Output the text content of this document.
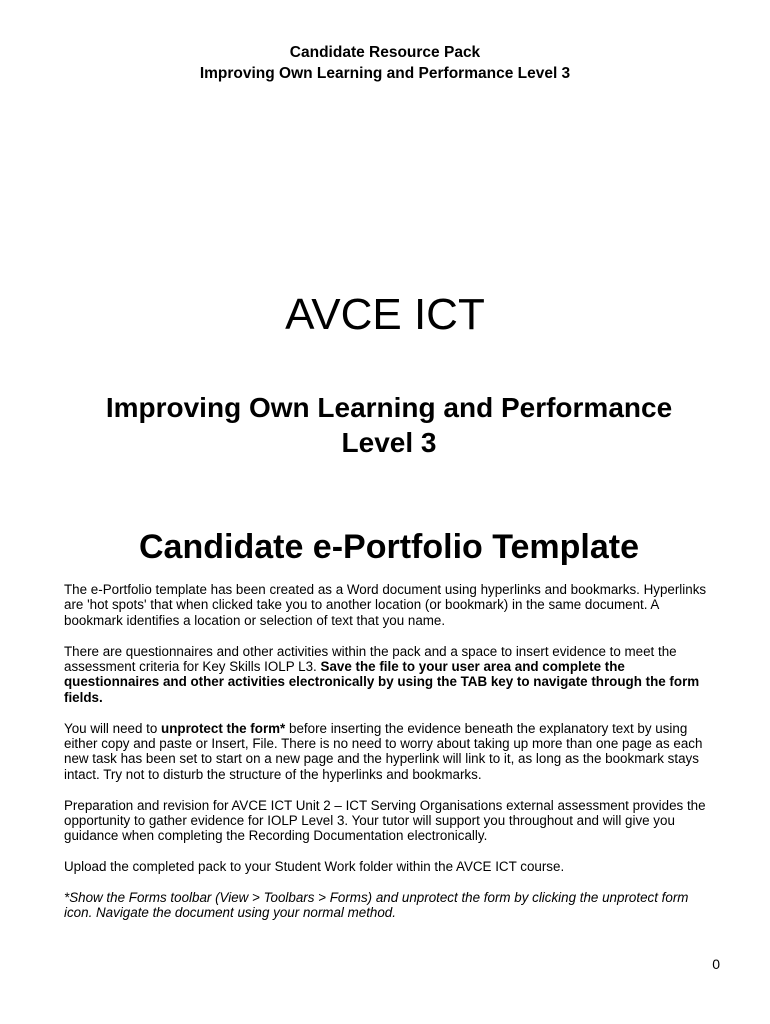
Candidate Resource Pack
Improving Own Learning and Performance Level 3
AVCE ICT
Improving Own Learning and Performance
Level 3
Candidate e-Portfolio Template

The e-Portfolio template has been created as a Word document using hyperlinks and bookmarks. Hyperlinks are 'hot spots' that when clicked take you to another location (or bookmark) in the same document. A bookmark identifies a location or selection of text that you name.

There are questionnaires and other activities within the pack and a space to insert evidence to meet the assessment criteria for Key Skills IOLP L3. Save the file to your user area and complete the questionnaires and other activities electronically by using the TAB key to navigate through the form fields.

You will need to unprotect the form* before inserting the evidence beneath the explanatory text by using either copy and paste or Insert, File. There is no need to worry about taking up more than one page as each new task has been set to start on a new page and the hyperlink will link to it, as long as the bookmark stays intact. Try not to disturb the structure of the hyperlinks and bookmarks.

Preparation and revision for AVCE ICT Unit 2 – ICT Serving Organisations external assessment provides the opportunity to gather evidence for IOLP Level 3. Your tutor will support you throughout and will give you guidance when completing the Recording Documentation electronically.

Upload the completed pack to your Student Work folder within the AVCE ICT course.

*Show the Forms toolbar (View > Toolbars > Forms) and unprotect the form by clicking the unprotect form icon. Navigate the document using your normal method.

0
